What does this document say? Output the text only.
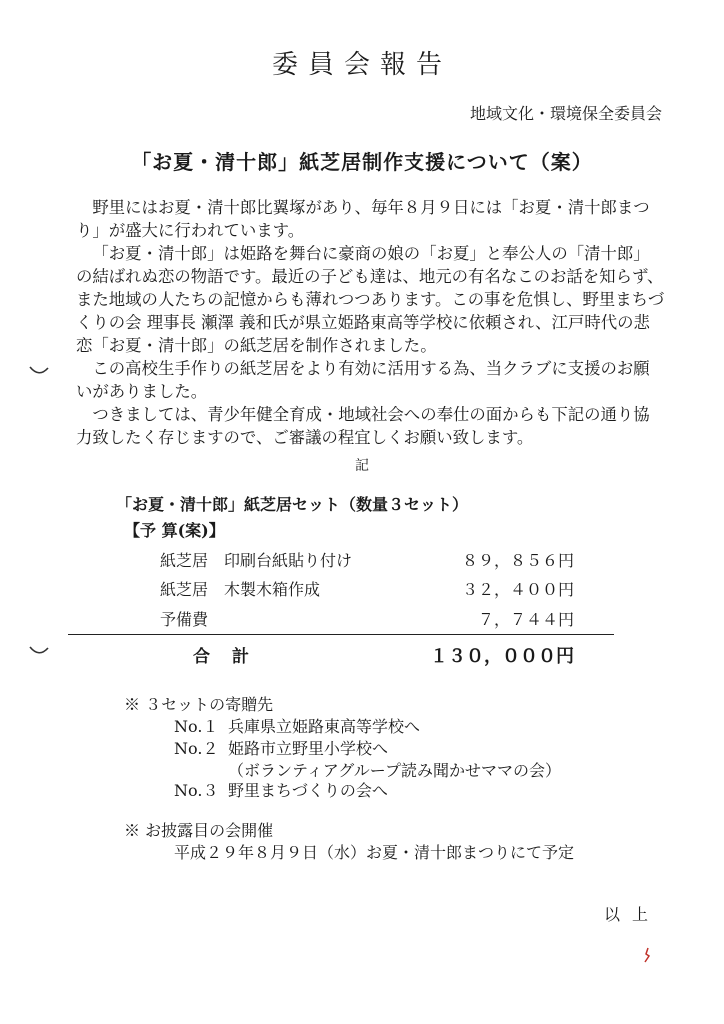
委員会報告
地域文化・環境保全委員会
「お夏・清十郎」紙芝居制作支援について（案）

野里にはお夏・清十郎比翼塚があり、毎年８月９日には「お夏・清十郎まつり」が盛大に行われています。

「お夏・清十郎」は姫路を舞台に豪商の娘の「お夏」と奉公人の「清十郎」の結ばれぬ恋の物語です。最近の子ども達は、地元の有名なこのお話を知らず、また地域の人たちの記憶からも薄れつつあります。この事を危惧し、野里まちづくりの会 理事長 瀬澤 義和氏が県立姫路東高等学校に依頼され、江戸時代の悲恋「お夏・清十郎」の紙芝居を制作されました。

この高校生手作りの紙芝居をより有効に活用する為、当クラブに支援のお願いがありました。

つきましては、青少年健全育成・地域社会への奉仕の面からも下記の通り協力致したく存じますので、ご審議の程宜しくお願い致します。

記
「お夏・清十郎」紙芝居セット（数量３セット）
【予 算(案)】
紙芝居　印刷台紙貼り付け	８９，８５６円
紙芝居　木製木箱作成	３２，４００円
予備費	７，７４４円
合計	１３０，０００円
※ ３セットの寄贈先
No.１ 兵庫県立姫路東高等学校へ
No.２ 姫路市立野里小学校へ
（ボランティアグループ読み聞かせママの会）
No.３ 野里まちづくりの会へ
※ お披露目の会開催
平成２９年８月９日（水）お夏・清十郎まつりにて予定
以上
